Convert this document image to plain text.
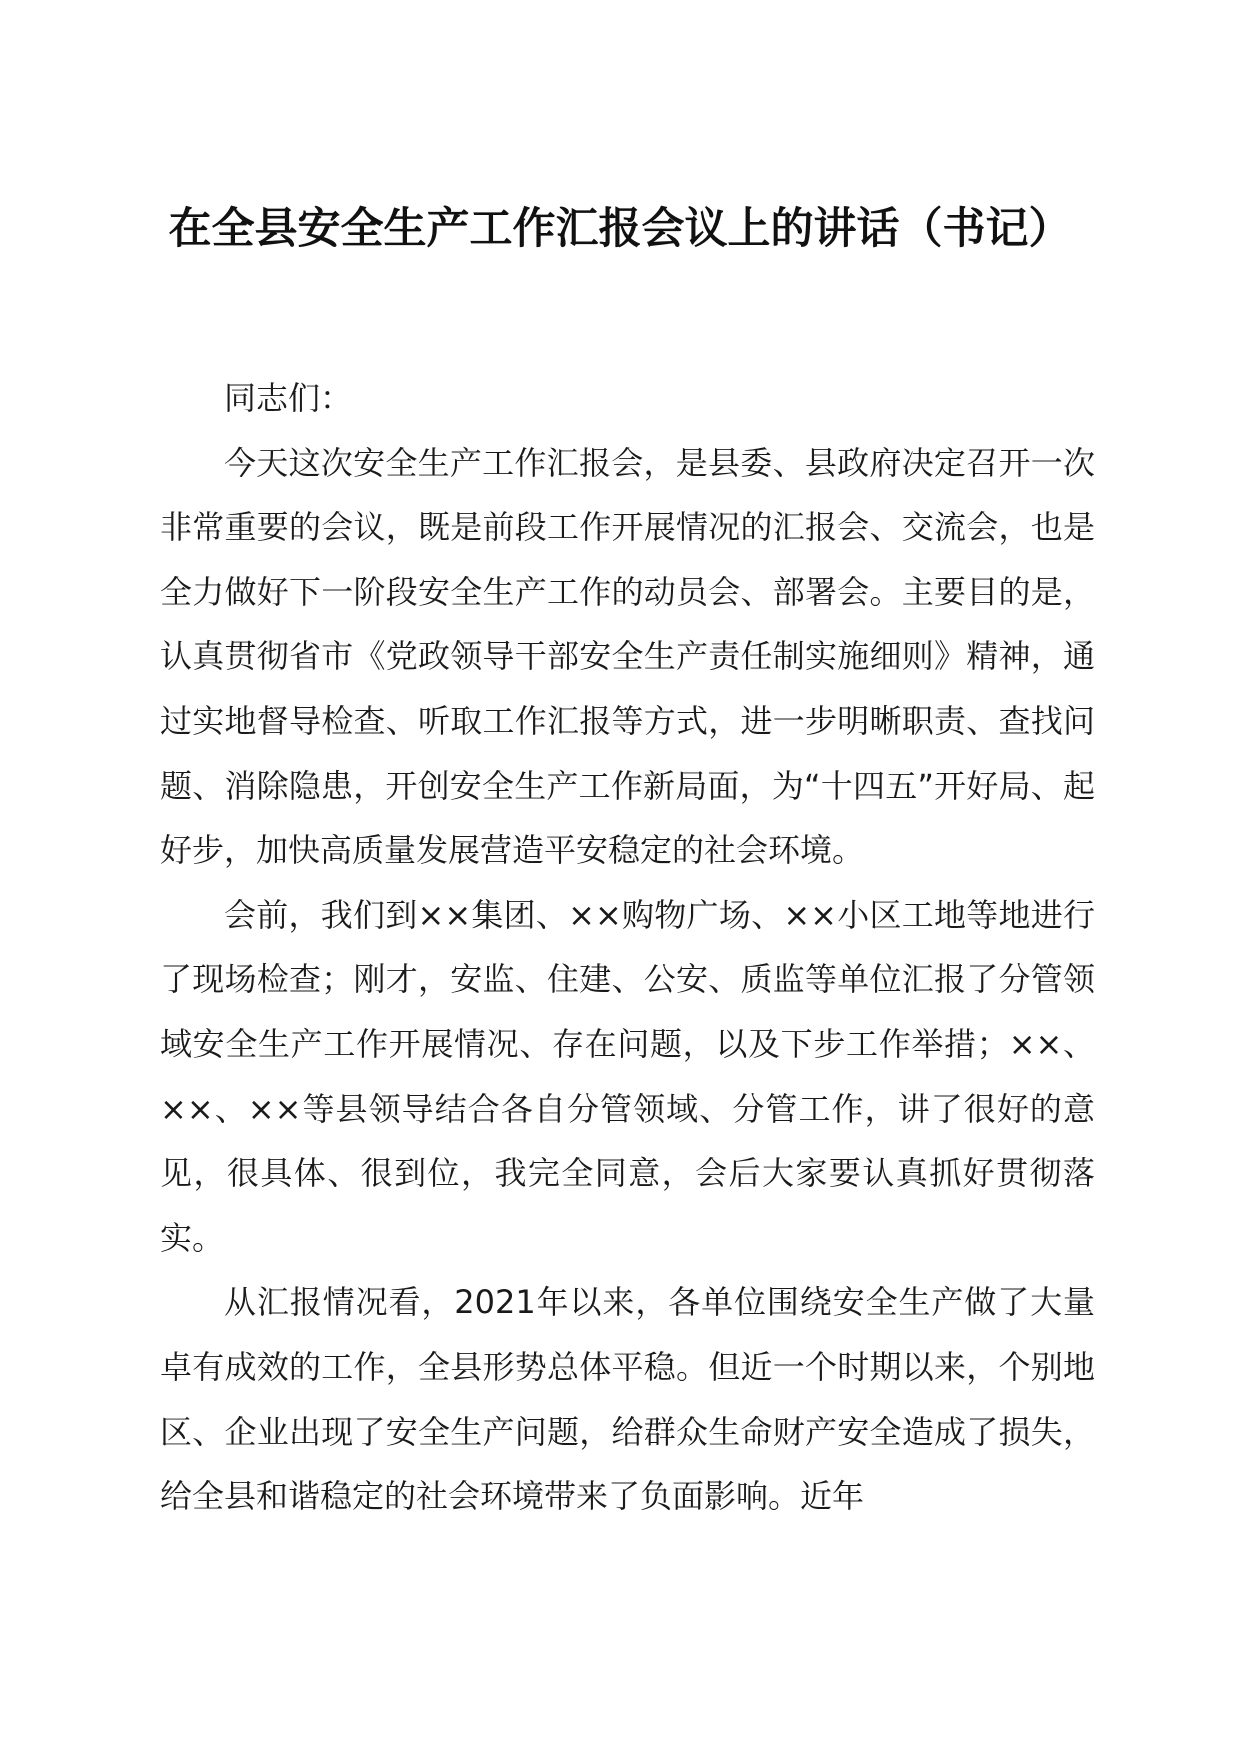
在全县安全生产工作汇报会议上的讲话（书记）

同志们：

今天这次安全生产工作汇报会，是县委、县政府决定召开一次非常重要的会议，既是前段工作开展情况的汇报会、交流会，也是全力做好下一阶段安全生产工作的动员会、部署会。主要目的是，认真贯彻省市《党政领导干部安全生产责任制实施细则》精神，通过实地督导检查、听取工作汇报等方式，进一步明晰职责、查找问题、消除隐患，开创安全生产工作新局面，为“十四五”开好局、起好步，加快高质量发展营造平安稳定的社会环境。

会前，我们到××集团、××购物广场、××小区工地等地进行了现场检查；刚才，安监、住建、公安、质监等单位汇报了分管领域安全生产工作开展情况、存在问题，以及下步工作举措；××、××、××等县领导结合各自分管领域、分管工作，讲了很好的意见，很具体、很到位，我完全同意，会后大家要认真抓好贯彻落实。

从汇报情况看，2021年以来，各单位围绕安全生产做了大量卓有成效的工作，全县形势总体平稳。但近一个时期以来，个别地区、企业出现了安全生产问题，给群众生命财产安全造成了损失，给全县和谐稳定的社会环境带来了负面影响。近年
